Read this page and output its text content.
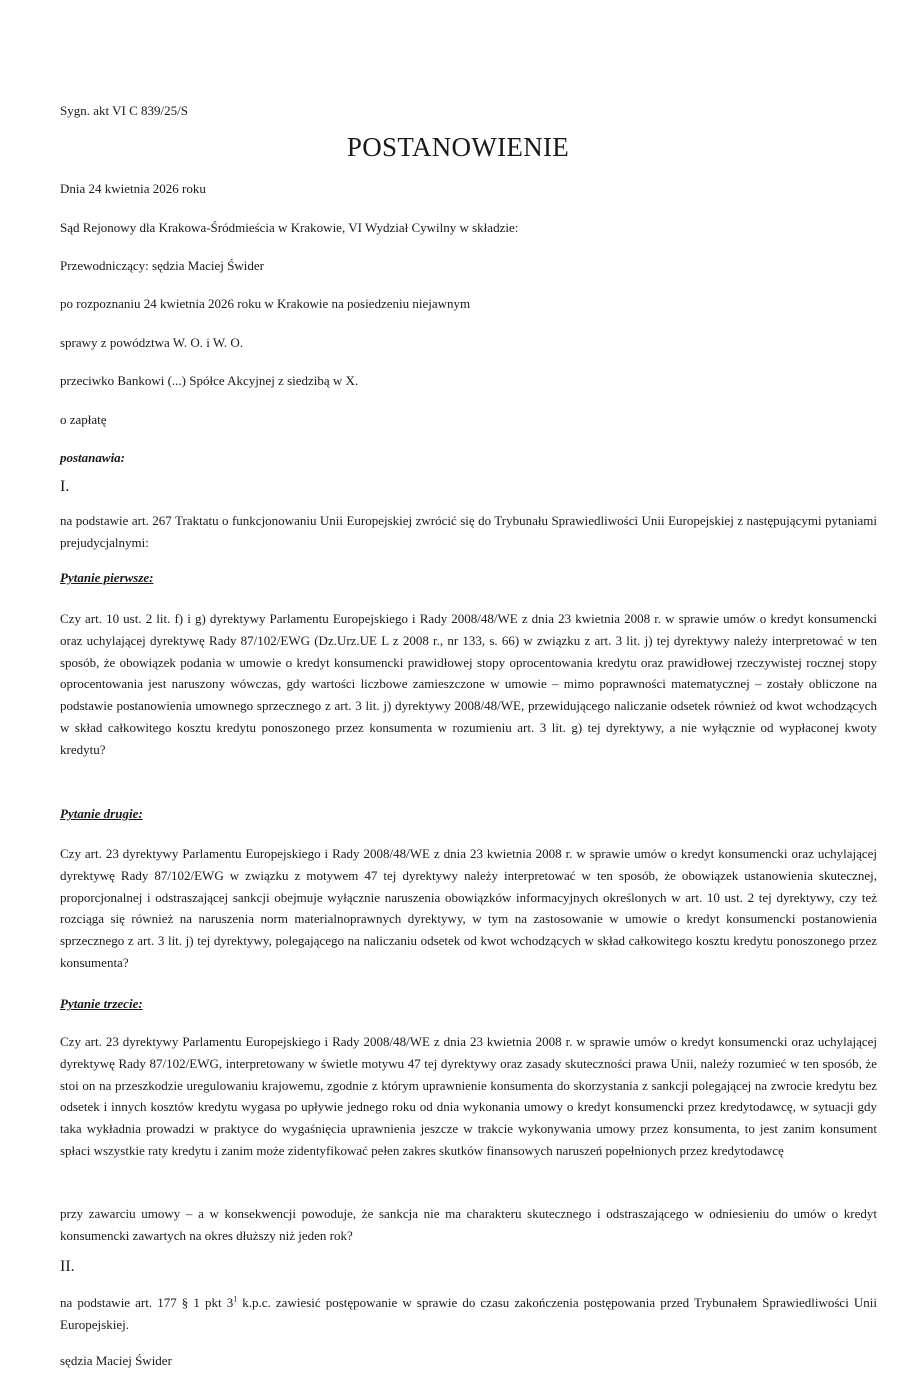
Sygn. akt VI C 839/25/S
POSTANOWIENIE
Dnia 24 kwietnia 2026 roku
Sąd Rejonowy dla Krakowa-Śródmieścia w Krakowie, VI Wydział Cywilny w składzie:
Przewodniczący: sędzia Maciej Świder
po rozpoznaniu 24 kwietnia 2026 roku w Krakowie na posiedzeniu niejawnym
sprawy z powództwa W. O. i W. O.
przeciwko Bankowi (...) Spółce Akcyjnej z siedzibą w X.
o zapłatę
postanawia:
I.
na podstawie art. 267 Traktatu o funkcjonowaniu Unii Europejskiej zwrócić się do Trybunału Sprawiedliwości Unii Europejskiej z następującymi pytaniami prejudycjalnymi:
Pytanie pierwsze:
Czy art. 10 ust. 2 lit. f) i g) dyrektywy Parlamentu Europejskiego i Rady 2008/48/WE z dnia 23 kwietnia 2008 r. w sprawie umów o kredyt konsumencki oraz uchylającej dyrektywę Rady 87/102/EWG (Dz.Urz.UE L z 2008 r., nr 133, s. 66) w związku z art. 3 lit. j) tej dyrektywy należy interpretować w ten sposób, że obowiązek podania w umowie o kredyt konsumencki prawidłowej stopy oprocentowania kredytu oraz prawidłowej rzeczywistej rocznej stopy oprocentowania jest naruszony wówczas, gdy wartości liczbowe zamieszczone w umowie – mimo poprawności matematycznej – zostały obliczone na podstawie postanowienia umownego sprzecznego z art. 3 lit. j) dyrektywy 2008/48/WE, przewidującego naliczanie odsetek również od kwot wchodzących w skład całkowitego kosztu kredytu ponoszonego przez konsumenta w rozumieniu art. 3 lit. g) tej dyrektywy, a nie wyłącznie od wypłaconej kwoty kredytu?
Pytanie drugie:
Czy art. 23 dyrektywy Parlamentu Europejskiego i Rady 2008/48/WE z dnia 23 kwietnia 2008 r. w sprawie umów o kredyt konsumencki oraz uchylającej dyrektywę Rady 87/102/EWG w związku z motywem 47 tej dyrektywy należy interpretować w ten sposób, że obowiązek ustanowienia skutecznej, proporcjonalnej i odstraszającej sankcji obejmuje wyłącznie naruszenia obowiązków informacyjnych określonych w art. 10 ust. 2 tej dyrektywy, czy też rozciąga się również na naruszenia norm materialnoprawnych dyrektywy, w tym na zastosowanie w umowie o kredyt konsumencki postanowienia sprzecznego z art. 3 lit. j) tej dyrektywy, polegającego na naliczaniu odsetek od kwot wchodzących w skład całkowitego kosztu kredytu ponoszonego przez konsumenta?
Pytanie trzecie:
Czy art. 23 dyrektywy Parlamentu Europejskiego i Rady 2008/48/WE z dnia 23 kwietnia 2008 r. w sprawie umów o kredyt konsumencki oraz uchylającej dyrektywę Rady 87/102/EWG, interpretowany w świetle motywu 47 tej dyrektywy oraz zasady skuteczności prawa Unii, należy rozumieć w ten sposób, że stoi on na przeszkodzie uregulowaniu krajowemu, zgodnie z którym uprawnienie konsumenta do skorzystania z sankcji polegającej na zwrocie kredytu bez odsetek i innych kosztów kredytu wygasa po upływie jednego roku od dnia wykonania umowy o kredyt konsumencki przez kredytodawcę, w sytuacji gdy taka wykładnia prowadzi w praktyce do wygaśnięcia uprawnienia jeszcze w trakcie wykonywania umowy przez konsumenta, to jest zanim konsument spłaci wszystkie raty kredytu i zanim może zidentyfikować pełen zakres skutków finansowych naruszeń popełnionych przez kredytodawcę
przy zawarciu umowy – a w konsekwencji powoduje, że sankcja nie ma charakteru skutecznego i odstraszającego w odniesieniu do umów o kredyt konsumencki zawartych na okres dłuższy niż jeden rok?
II.
na podstawie art. 177 § 1 pkt $3^1$ k.p.c. zawiesić postępowanie w sprawie do czasu zakończenia postępowania przed Trybunałem Sprawiedliwości Unii Europejskiej.
sędzia Maciej Świder
